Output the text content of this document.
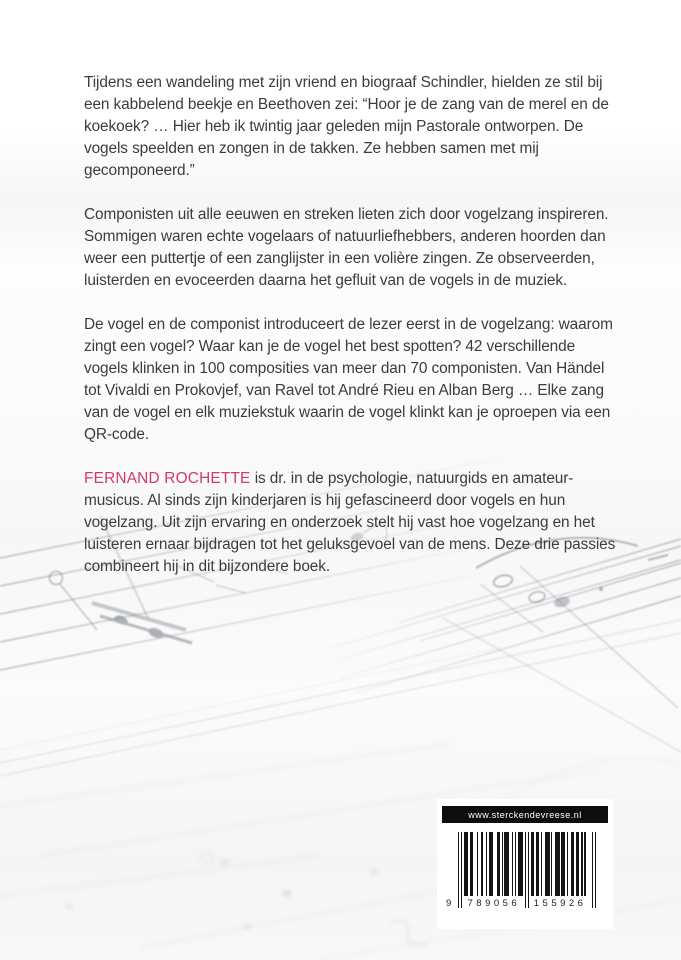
Tijdens een wandeling met zijn vriend en biograaf Schindler, hielden ze stil bij een kabbelend beekje en Beethoven zei: “Hoor je de zang van de merel en de koekoek? … Hier heb ik twintig jaar geleden mijn Pastorale ontworpen. De vogels speelden en zongen in de takken. Ze hebben samen met mij gecomponeerd.”

Componisten uit alle eeuwen en streken lieten zich door vogelzang inspireren. Sommigen waren echte vogelaars of natuurliefhebbers, anderen hoorden dan weer een puttertje of een zanglijster in een volière zingen. Ze observeerden, luisterden en evoceerden daarna het gefluit van de vogels in de muziek.

De vogel en de componist introduceert de lezer eerst in de vogelzang: waarom zingt een vogel? Waar kan je de vogel het best spotten? 42 verschillende vogels klinken in 100 composities van meer dan 70 componisten. Van Händel tot Vivaldi en Prokovjef, van Ravel tot André Rieu en Alban Berg … Elke zang van de vogel en elk muziekstuk waarin de vogel klinkt kan je oproepen via een QR-code.

FERNAND ROCHETTE is dr. in de psychologie, natuurgids en amateur-musicus. Al sinds zijn kinderjaren is hij gefascineerd door vogels en hun vogelzang. Uit zijn ervaring en onderzoek stelt hij vast hoe vogelzang en het luisteren ernaar bijdragen tot het geluksgevoel van de mens. Deze drie passies combineert hij in dit bijzondere boek.

www.sterckendevreese.nl
9	789056	155926
